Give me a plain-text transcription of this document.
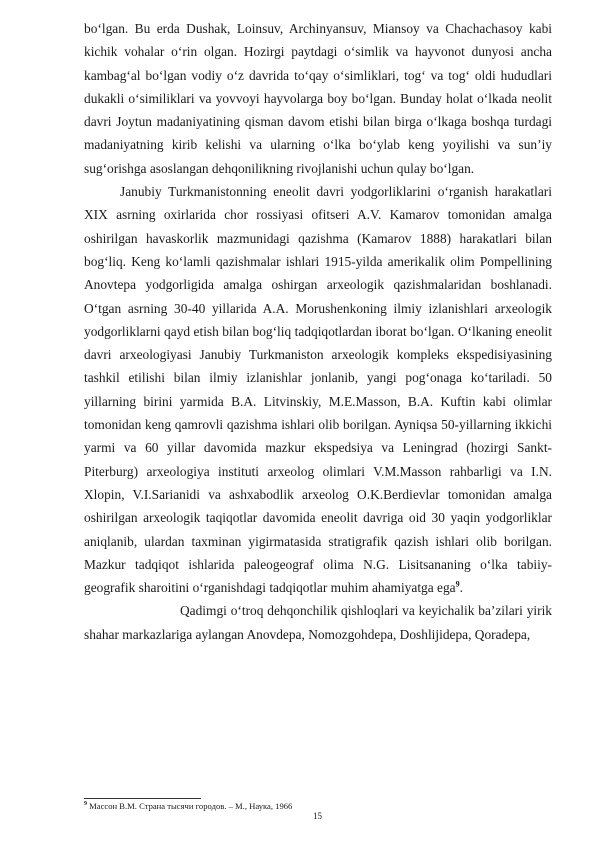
bo‘lgan. Bu erda Dushak, Loinsuv, Archinyansuv, Miansoy va Chachachasoy kabi kichik vohalar o‘rin olgan. Hozirgi paytdagi o‘simlik va hayvonot dunyosi ancha kambag‘al bo‘lgan vodiy o‘z davrida to‘qay o‘simliklari, tog‘ va tog‘ oldi hududlari dukakli o‘similiklari va yovvoyi hayvolarga boy bo‘lgan. Bunday holat o‘lkada neolit davri Joytun madaniyatining qisman davom etishi bilan birga o‘lkaga boshqa turdagi madaniyatning kirib kelishi va ularning o‘lka bo‘ylab keng yoyilishi va sun’iy sug‘orishga asoslangan dehqonilikning rivojlanishi uchun qulay bo‘lgan.

Janubiy Turkmanistonning eneolit davri yodgorliklarini o‘rganish harakatlari XIX asrning oxirlarida chor rossiyasi ofitseri A.V. Kamarov tomonidan amalga oshirilgan havaskorlik mazmunidagi qazishma (Kamarov 1888) harakatlari bilan bog‘liq. Keng ko‘lamli qazishmalar ishlari 1915-yilda amerikalik olim Pompellining Anovtepa yodgorligida amalga oshirgan arxeologik qazishmalaridan boshlanadi. O‘tgan asrning 30-40 yillarida A.A. Morushenkoning ilmiy izlanishlari arxeologik yodgorliklarni qayd etish bilan bog‘liq tadqiqotlardan iborat bo‘lgan. O‘lkaning eneolit davri arxeologiyasi Janubiy Turkmaniston arxeologik kompleks ekspedisiyasining tashkil etilishi bilan ilmiy izlanishlar jonlanib, yangi pog‘onaga ko‘tariladi. 50 yillarning birini yarmida B.A. Litvinskiy, M.E.Masson, B.A. Kuftin kabi olimlar tomonidan keng qamrovli qazishma ishlari olib borilgan. Ayniqsa 50-yillarning ikkichi yarmi va 60 yillar davomida mazkur ekspedsiya va Leningrad (hozirgi Sankt-Piterburg) arxeologiya instituti arxeolog olimlari V.M.Masson rahbarligi va I.N. Xlopin, V.I.Sarianidi va ashxabodlik arxeolog O.K.Berdievlar tomonidan amalga oshirilgan arxeologik taqiqotlar davomida eneolit davriga oid 30 yaqin yodgorliklar aniqlanib, ulardan taxminan yigirmatasida stratigrafik qazish ishlari olib borilgan. Mazkur tadqiqot ishlarida paleogeograf olima N.G. Lisitsananing o‘lka tabiiy-geografik sharoitini o‘rganishdagi tadqiqotlar muhim ahamiyatga ega$^9$.

Qadimgi o‘troq dehqonchilik qishloqlari va keyichalik ba’zilari yirik shahar markazlariga aylangan Anovdepa, Nomozgohdepa, Doshlijidepa, Qoradepa,

$^9$ Массон В.М. Страна тысячи городов. – М., Наука, 1966
15
